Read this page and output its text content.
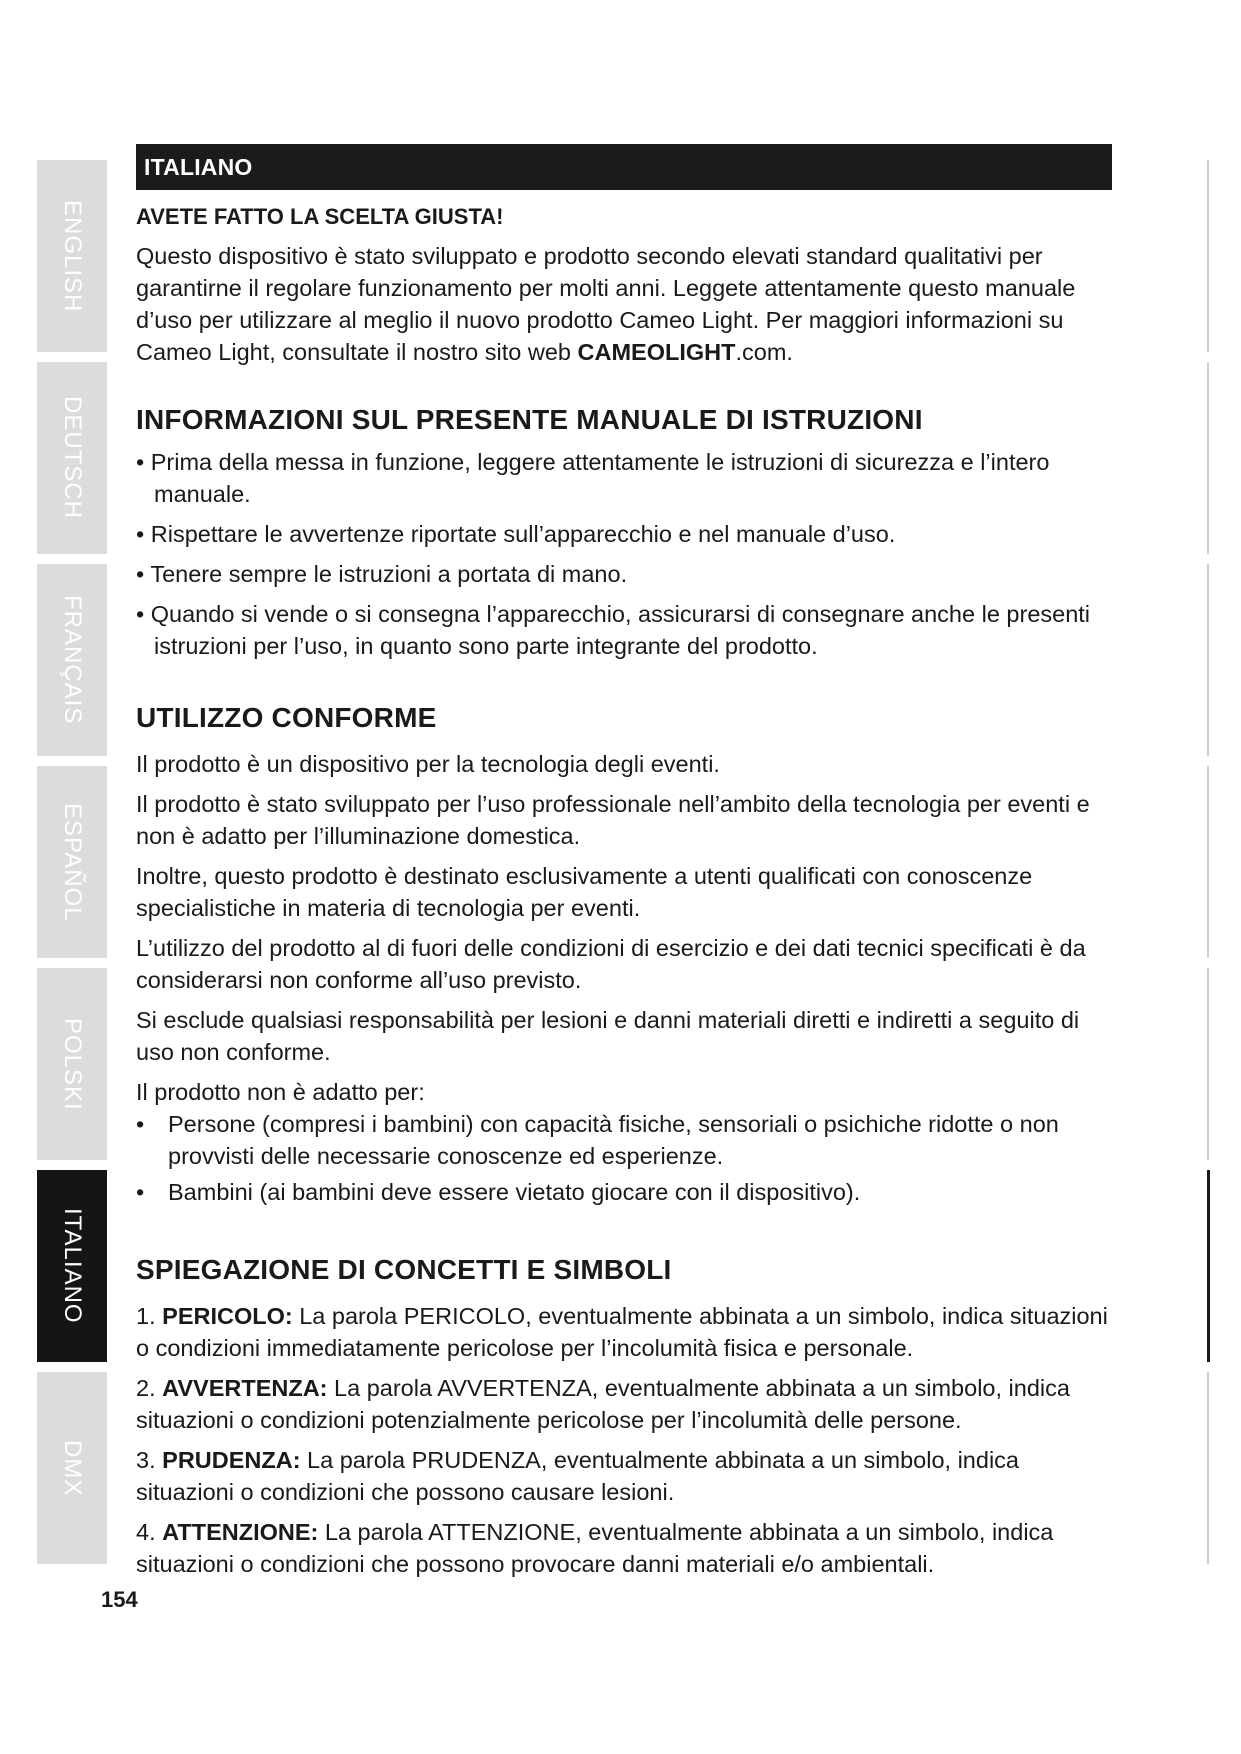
ENGLISH
DEUTSCH
FRANÇAIS
ESPAÑOL
POLSKI
ITALIANO
DMX
ITALIANO
AVETE FATTO LA SCELTA GIUSTA!

Questo dispositivo è stato sviluppato e prodotto secondo elevati standard qualitativi per garantirne il regolare funzionamento per molti anni. Leggete attentamente questo manuale d’uso per utilizzare al meglio il nuovo prodotto Cameo Light. Per maggiori informazioni su Cameo Light, consultate il nostro sito web CAMEOLIGHT.com.

INFORMAZIONI SUL PRESENTE MANUALE DI ISTRUZIONI
• Prima della messa in funzione, leggere attentamente le istruzioni di sicurezza e l’intero manuale.
• Rispettare le avvertenze riportate sull’apparecchio e nel manuale d’uso.
• Tenere sempre le istruzioni a portata di mano.
• Quando si vende o si consegna l’apparecchio, assicurarsi di consegnare anche le presenti istruzioni per l’uso, in quanto sono parte integrante del prodotto.
UTILIZZO CONFORME

Il prodotto è un dispositivo per la tecnologia degli eventi.

Il prodotto è stato sviluppato per l’uso professionale nell’ambito della tecnologia per eventi e non è adatto per l’illuminazione domestica.

Inoltre, questo prodotto è destinato esclusivamente a utenti qualificati con conoscenze specialistiche in materia di tecnologia per eventi.

L’utilizzo del prodotto al di fuori delle condizioni di esercizio e dei dati tecnici specificati è da considerarsi non conforme all’uso previsto.

Si esclude qualsiasi responsabilità per lesioni e danni materiali diretti e indiretti a seguito di uso non conforme.

Il prodotto non è adatto per:

• Persone (compresi i bambini) con capacità fisiche, sensoriali o psichiche ridotte o non provvisti delle necessarie conoscenze ed esperienze.
• Bambini (ai bambini deve essere vietato giocare con il dispositivo).
SPIEGAZIONE DI CONCETTI E SIMBOLI

1. PERICOLO: La parola PERICOLO, eventualmente abbinata a un simbolo, indica situazioni o condizioni immediatamente pericolose per l’incolumità fisica e personale.

2. AVVERTENZA: La parola AVVERTENZA, eventualmente abbinata a un simbolo, indica situazioni o condizioni potenzialmente pericolose per l’incolumità delle persone.

3. PRUDENZA: La parola PRUDENZA, eventualmente abbinata a un simbolo, indica situazioni o condizioni che possono causare lesioni.

4. ATTENZIONE: La parola ATTENZIONE, eventualmente abbinata a un simbolo, indica situazioni o condizioni che possono provocare danni materiali e/o ambientali.

154
